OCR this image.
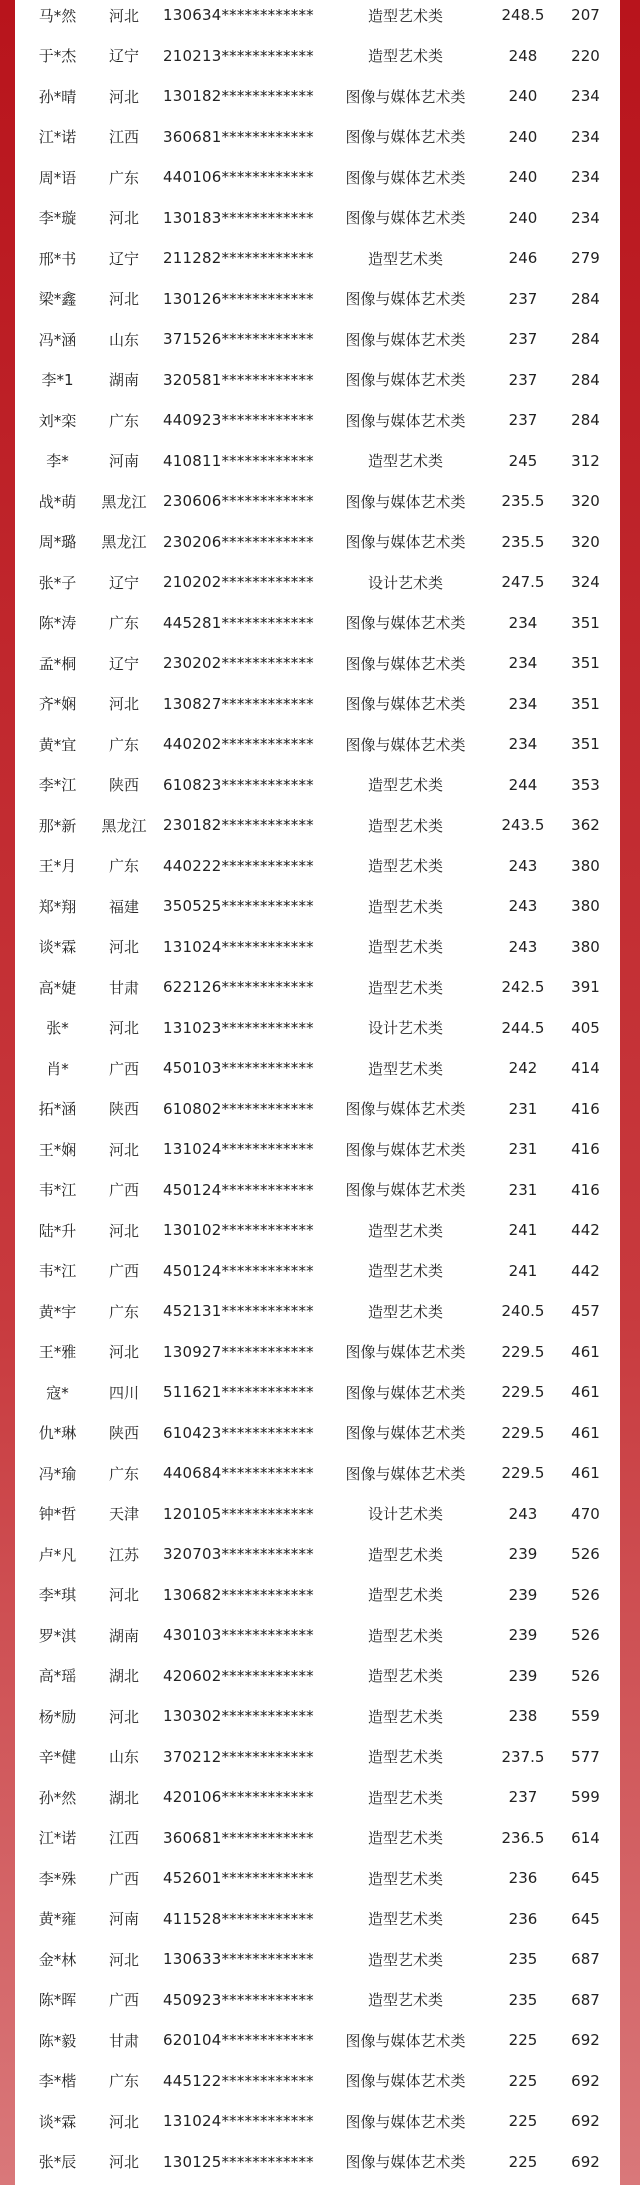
马*然	河北	130634************	造型艺术类	248.5	207
于*杰	辽宁	210213************	造型艺术类	248	220
孙*晴	河北	130182************	图像与媒体艺术类	240	234
江*诺	江西	360681************	图像与媒体艺术类	240	234
周*语	广东	440106************	图像与媒体艺术类	240	234
李*璇	河北	130183************	图像与媒体艺术类	240	234
邢*书	辽宁	211282************	造型艺术类	246	279
梁*鑫	河北	130126************	图像与媒体艺术类	237	284
冯*涵	山东	371526************	图像与媒体艺术类	237	284
李*1	湖南	320581************	图像与媒体艺术类	237	284
刘*栾	广东	440923************	图像与媒体艺术类	237	284
李*	河南	410811************	造型艺术类	245	312
战*萌	黑龙江	230606************	图像与媒体艺术类	235.5	320
周*璐	黑龙江	230206************	图像与媒体艺术类	235.5	320
张*子	辽宁	210202************	设计艺术类	247.5	324
陈*涛	广东	445281************	图像与媒体艺术类	234	351
孟*桐	辽宁	230202************	图像与媒体艺术类	234	351
齐*娴	河北	130827************	图像与媒体艺术类	234	351
黄*宜	广东	440202************	图像与媒体艺术类	234	351
李*江	陕西	610823************	造型艺术类	244	353
那*新	黑龙江	230182************	造型艺术类	243.5	362
王*月	广东	440222************	造型艺术类	243	380
郑*翔	福建	350525************	造型艺术类	243	380
谈*霖	河北	131024************	造型艺术类	243	380
高*婕	甘肃	622126************	造型艺术类	242.5	391
张*	河北	131023************	设计艺术类	244.5	405
肖*	广西	450103************	造型艺术类	242	414
拓*涵	陕西	610802************	图像与媒体艺术类	231	416
王*娴	河北	131024************	图像与媒体艺术类	231	416
韦*江	广西	450124************	图像与媒体艺术类	231	416
陆*升	河北	130102************	造型艺术类	241	442
韦*江	广西	450124************	造型艺术类	241	442
黄*宇	广东	452131************	造型艺术类	240.5	457
王*雅	河北	130927************	图像与媒体艺术类	229.5	461
寇*	四川	511621************	图像与媒体艺术类	229.5	461
仇*琳	陕西	610423************	图像与媒体艺术类	229.5	461
冯*瑜	广东	440684************	图像与媒体艺术类	229.5	461
钟*哲	天津	120105************	设计艺术类	243	470
卢*凡	江苏	320703************	造型艺术类	239	526
李*琪	河北	130682************	造型艺术类	239	526
罗*淇	湖南	430103************	造型艺术类	239	526
高*瑶	湖北	420602************	造型艺术类	239	526
杨*励	河北	130302************	造型艺术类	238	559
辛*健	山东	370212************	造型艺术类	237.5	577
孙*然	湖北	420106************	造型艺术类	237	599
江*诺	江西	360681************	造型艺术类	236.5	614
李*殊	广西	452601************	造型艺术类	236	645
黄*雍	河南	411528************	造型艺术类	236	645
金*林	河北	130633************	造型艺术类	235	687
陈*晖	广西	450923************	造型艺术类	235	687
陈*毅	甘肃	620104************	图像与媒体艺术类	225	692
李*楷	广东	445122************	图像与媒体艺术类	225	692
谈*霖	河北	131024************	图像与媒体艺术类	225	692
张*辰	河北	130125************	图像与媒体艺术类	225	692
